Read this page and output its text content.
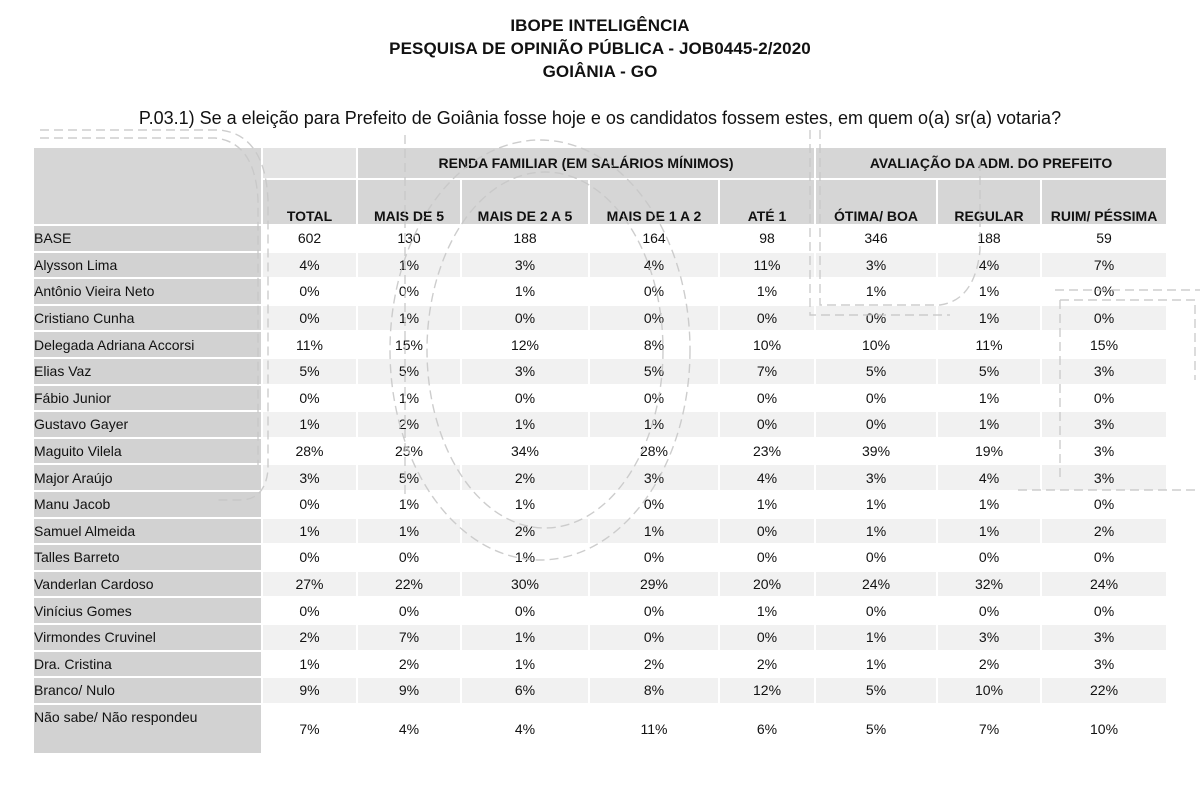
IBOPE INTELIGÊNCIA
PESQUISA DE OPINIÃO PÚBLICA - JOB0445-2/2020
GOIÂNIA - GO
P.03.1) Se a eleição para Prefeito de Goiânia fosse hoje e os candidatos fossem estes, em quem o(a) sr(a) votaria?
		RENDA FAMILIAR (EM SALÁRIOS MÍNIMOS)				AVALIAÇÃO DA ADM. DO PREFEITO		
	TOTAL	MAIS DE 5	MAIS DE 2 A 5	MAIS DE 1 A 2	ATÉ 1	ÓTIMA/ BOA	REGULAR	RUIM/ PÉSSIMA
BASE	602	130	188	164	98	346	188	59
Alysson Lima	4%	1%	3%	4%	11%	3%	4%	7%
Antônio Vieira Neto	0%	0%	1%	0%	1%	1%	1%	0%
Cristiano Cunha	0%	1%	0%	0%	0%	0%	1%	0%
Delegada Adriana Accorsi	11%	15%	12%	8%	10%	10%	11%	15%
Elias Vaz	5%	5%	3%	5%	7%	5%	5%	3%
Fábio Junior	0%	1%	0%	0%	0%	0%	1%	0%
Gustavo Gayer	1%	2%	1%	1%	0%	0%	1%	3%
Maguito Vilela	28%	25%	34%	28%	23%	39%	19%	3%
Major Araújo	3%	5%	2%	3%	4%	3%	4%	3%
Manu Jacob	0%	1%	1%	0%	1%	1%	1%	0%
Samuel Almeida	1%	1%	2%	1%	0%	1%	1%	2%
Talles Barreto	0%	0%	1%	0%	0%	0%	0%	0%
Vanderlan Cardoso	27%	22%	30%	29%	20%	24%	32%	24%
Vinícius Gomes	0%	0%	0%	0%	1%	0%	0%	0%
Virmondes Cruvinel	2%	7%	1%	0%	0%	1%	3%	3%
Dra. Cristina	1%	2%	1%	2%	2%	1%	2%	3%
Branco/ Nulo	9%	9%	6%	8%	12%	5%	10%	22%
Não sabe/ Não respondeu	7%	4%	4%	11%	6%	5%	7%	10%
